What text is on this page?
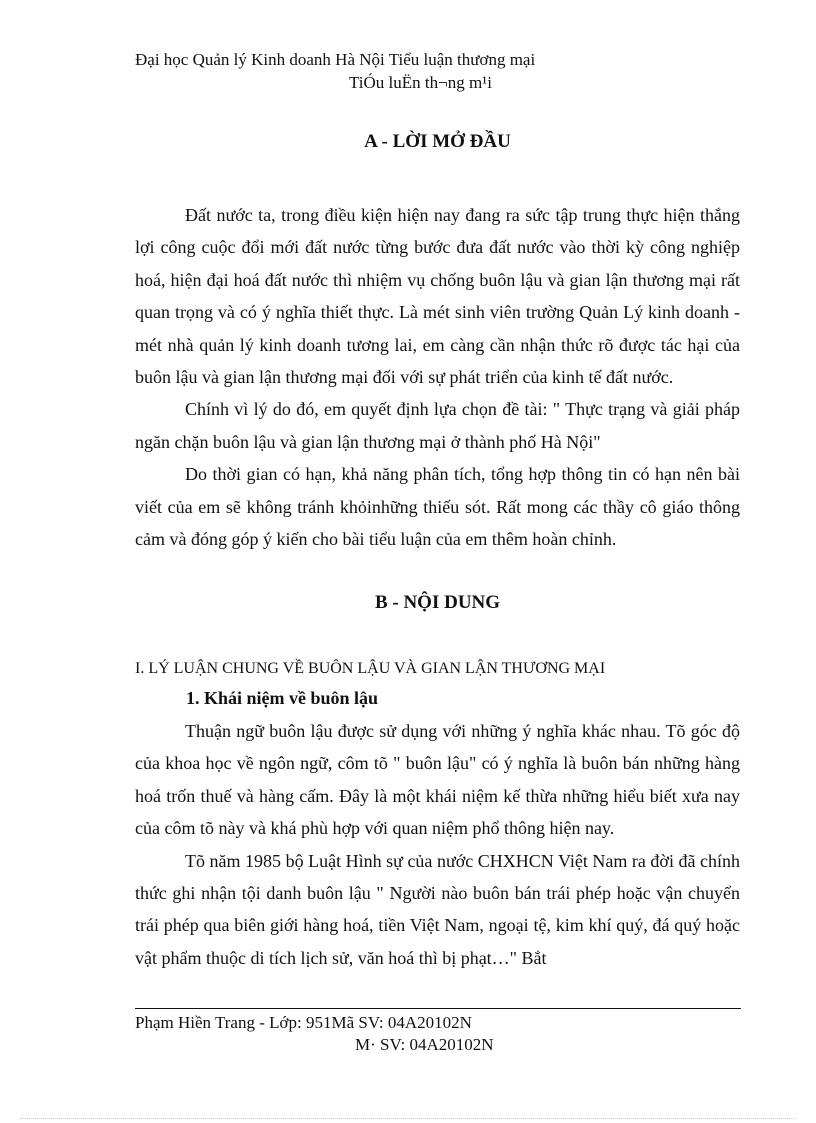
Đại học Quản lý Kinh doanh Hà Nội Tiểu luận thương mại
TiÓu luËn th¬ng m¹i
A - LỜI MỞ ĐẦU

Đất nước ta, trong điều kiện hiện nay đang ra sức tập trung thực hiện thắng lợi công cuộc đổi mới đất nước từng bước đưa đất nước vào thời kỳ công nghiệp hoá, hiện đại hoá đất nước thì nhiệm vụ chống buôn lậu và gian lận thương mại rất quan trọng và có ý nghĩa thiết thực. Là mét sinh viên trường Quản Lý kinh doanh - mét nhà quản lý kinh doanh tương lai, em càng cần nhận thức rõ được tác hại của buôn lậu và gian lận thương mại đối với sự phát triển của kinh tế đất nước.

Chính vì lý do đó, em quyết định lựa chọn đề tài: " Thực trạng và giải pháp ngăn chặn buôn lậu và gian lận thương mại ở thành phố Hà Nội"

Do thời gian có hạn, khả năng phân tích, tổng hợp thông tin có hạn nên bài viết của em sẽ không tránh khỏinhững thiếu sót. Rất mong các thầy cô giáo thông cảm và đóng góp ý kiến cho bài tiểu luận của em thêm hoàn chỉnh.

B - NỘI DUNG
I. LÝ LUẬN CHUNG VỀ BUÔN LẬU VÀ GIAN LẬN THƯƠNG MẠI
1. Khái niệm về buôn lậu

Thuận ngữ buôn lậu được sử dụng với những ý nghĩa khác nhau. Tõ góc độ của khoa học về ngôn ngữ, côm tõ " buôn lậu" có ý nghĩa là buôn bán những hàng hoá trốn thuế và hàng cấm. Đây là một khái niệm kế thừa những hiểu biết xưa nay của côm tõ này và khá phù hợp với quan niệm phổ thông hiện nay.

Tõ năm 1985 bộ Luật Hình sự của nước CHXHCN Việt Nam ra đời đã chính thức ghi nhận tội danh buôn lậu " Người nào buôn bán trái phép hoặc vận chuyển trái phép qua biên giới hàng hoá, tiền Việt Nam, ngoại tệ, kim khí quý, đá quý hoặc vật phẩm thuộc di tích lịch sử, văn hoá thì bị phạt…" Bắt

Phạm Hiền Trang - Lớp: 951Mã SV: 04A20102N
M· SV: 04A20102N
